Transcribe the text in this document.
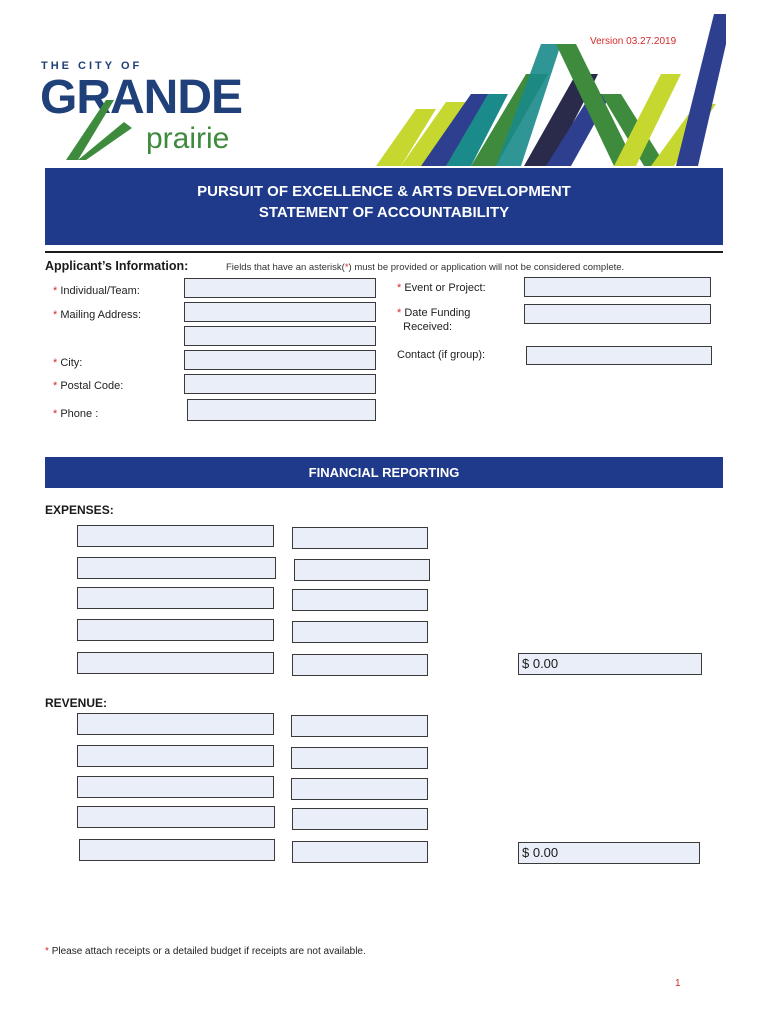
Version 03.27.2019
THE CITY OF
GRANDE
prairie
PURSUIT OF EXCELLENCE & ARTS DEVELOPMENT
STATEMENT OF ACCOUNTABILITY
Applicant’s Information:	Fields that have an asterisk(*) must be provided or application will not be considered complete.
* Individual/Team:
* Mailing Address:
* City:
* Postal Code:
* Phone :
* Event or Project:
* Date Funding
Received:
Contact (if group):
FINANCIAL REPORTING
EXPENSES:
$ 0.00
REVENUE:
$ 0.00
* Please attach receipts or a detailed budget if receipts are not available.
1
